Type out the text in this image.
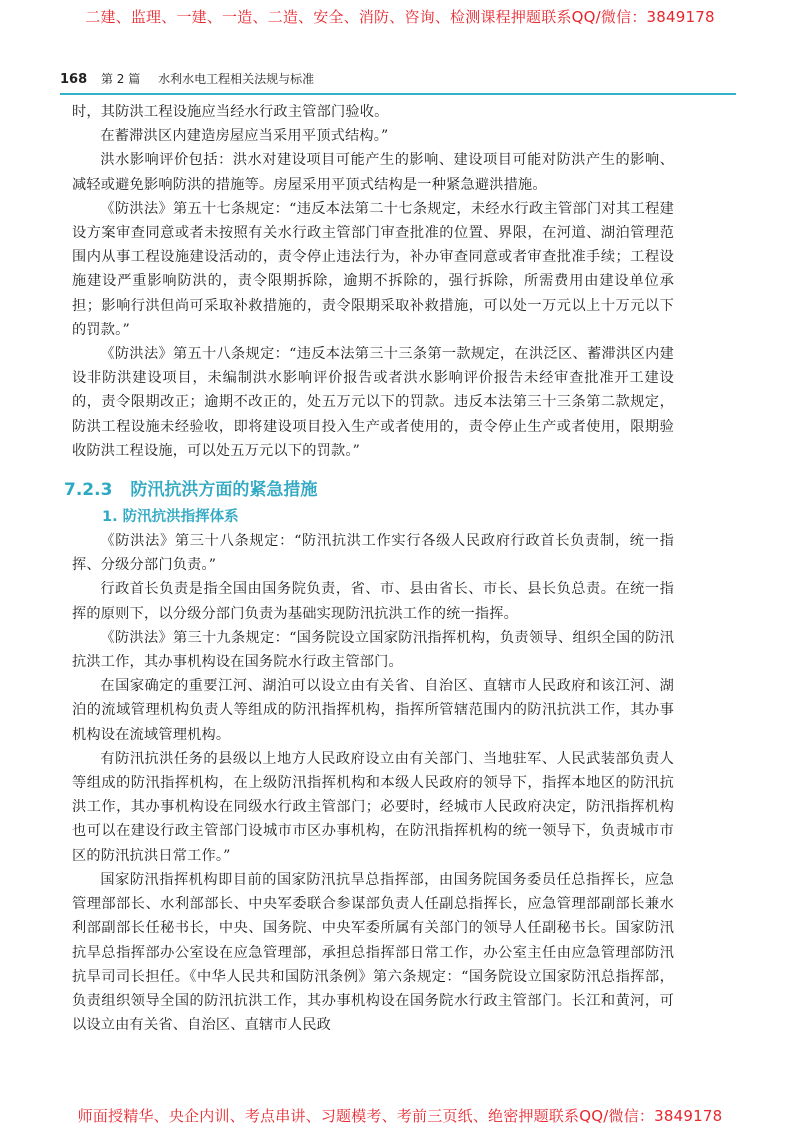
二建、监理、一建、一造、二造、安全、消防、咨询、检测课程押题联系QQ/微信：3849178
168 第 2 篇 水利水电工程相关法规与标准

时，其防洪工程设施应当经水行政主管部门验收。

在蓄滞洪区内建造房屋应当采用平顶式结构。”

洪水影响评价包括：洪水对建设项目可能产生的影响、建设项目可能对防洪产生的影响、减轻或避免影响防洪的措施等。房屋采用平顶式结构是一种紧急避洪措施。

《防洪法》第五十七条规定：“违反本法第二十七条规定，未经水行政主管部门对其工程建设方案审查同意或者未按照有关水行政主管部门审查批准的位置、界限，在河道、湖泊管理范围内从事工程设施建设活动的，责令停止违法行为，补办审查同意或者审查批准手续；工程设施建设严重影响防洪的，责令限期拆除，逾期不拆除的，强行拆除，所需费用由建设单位承担；影响行洪但尚可采取补救措施的，责令限期采取补救措施，可以处一万元以上十万元以下的罚款。”

《防洪法》第五十八条规定：“违反本法第三十三条第一款规定，在洪泛区、蓄滞洪区内建设非防洪建设项目，未编制洪水影响评价报告或者洪水影响评价报告未经审查批准开工建设的，责令限期改正；逾期不改正的，处五万元以下的罚款。违反本法第三十三条第二款规定，防洪工程设施未经验收，即将建设项目投入生产或者使用的，责令停止生产或者使用，限期验收防洪工程设施，可以处五万元以下的罚款。”

7.2.3 防汛抗洪方面的紧急措施
1. 防汛抗洪指挥体系

《防洪法》第三十八条规定：“防汛抗洪工作实行各级人民政府行政首长负责制，统一指挥、分级分部门负责。”

行政首长负责是指全国由国务院负责，省、市、县由省长、市长、县长负总责。在统一指挥的原则下，以分级分部门负责为基础实现防汛抗洪工作的统一指挥。

《防洪法》第三十九条规定：“国务院设立国家防汛指挥机构，负责领导、组织全国的防汛抗洪工作，其办事机构设在国务院水行政主管部门。

在国家确定的重要江河、湖泊可以设立由有关省、自治区、直辖市人民政府和该江河、湖泊的流域管理机构负责人等组成的防汛指挥机构，指挥所管辖范围内的防汛抗洪工作，其办事机构设在流域管理机构。

有防汛抗洪任务的县级以上地方人民政府设立由有关部门、当地驻军、人民武装部负责人等组成的防汛指挥机构，在上级防汛指挥机构和本级人民政府的领导下，指挥本地区的防汛抗洪工作，其办事机构设在同级水行政主管部门；必要时，经城市人民政府决定，防汛指挥机构也可以在建设行政主管部门设城市市区办事机构，在防汛指挥机构的统一领导下，负责城市市区的防汛抗洪日常工作。”

国家防汛指挥机构即目前的国家防汛抗旱总指挥部，由国务院国务委员任总指挥长，应急管理部部长、水利部部长、中央军委联合参谋部负责人任副总指挥长，应急管理部副部长兼水利部副部长任秘书长，中央、国务院、中央军委所属有关部门的领导人任副秘书长。国家防汛抗旱总指挥部办公室设在应急管理部，承担总指挥部日常工作，办公室主任由应急管理部防汛抗旱司司长担任。《中华人民共和国防汛条例》第六条规定：“国务院设立国家防汛总指挥部，负责组织领导全国的防汛抗洪工作，其办事机构设在国务院水行政主管部门。长江和黄河，可以设立由有关省、自治区、直辖市人民政

师面授精华、央企内训、考点串讲、习题模考、考前三页纸、绝密押题联系QQ/微信：3849178
